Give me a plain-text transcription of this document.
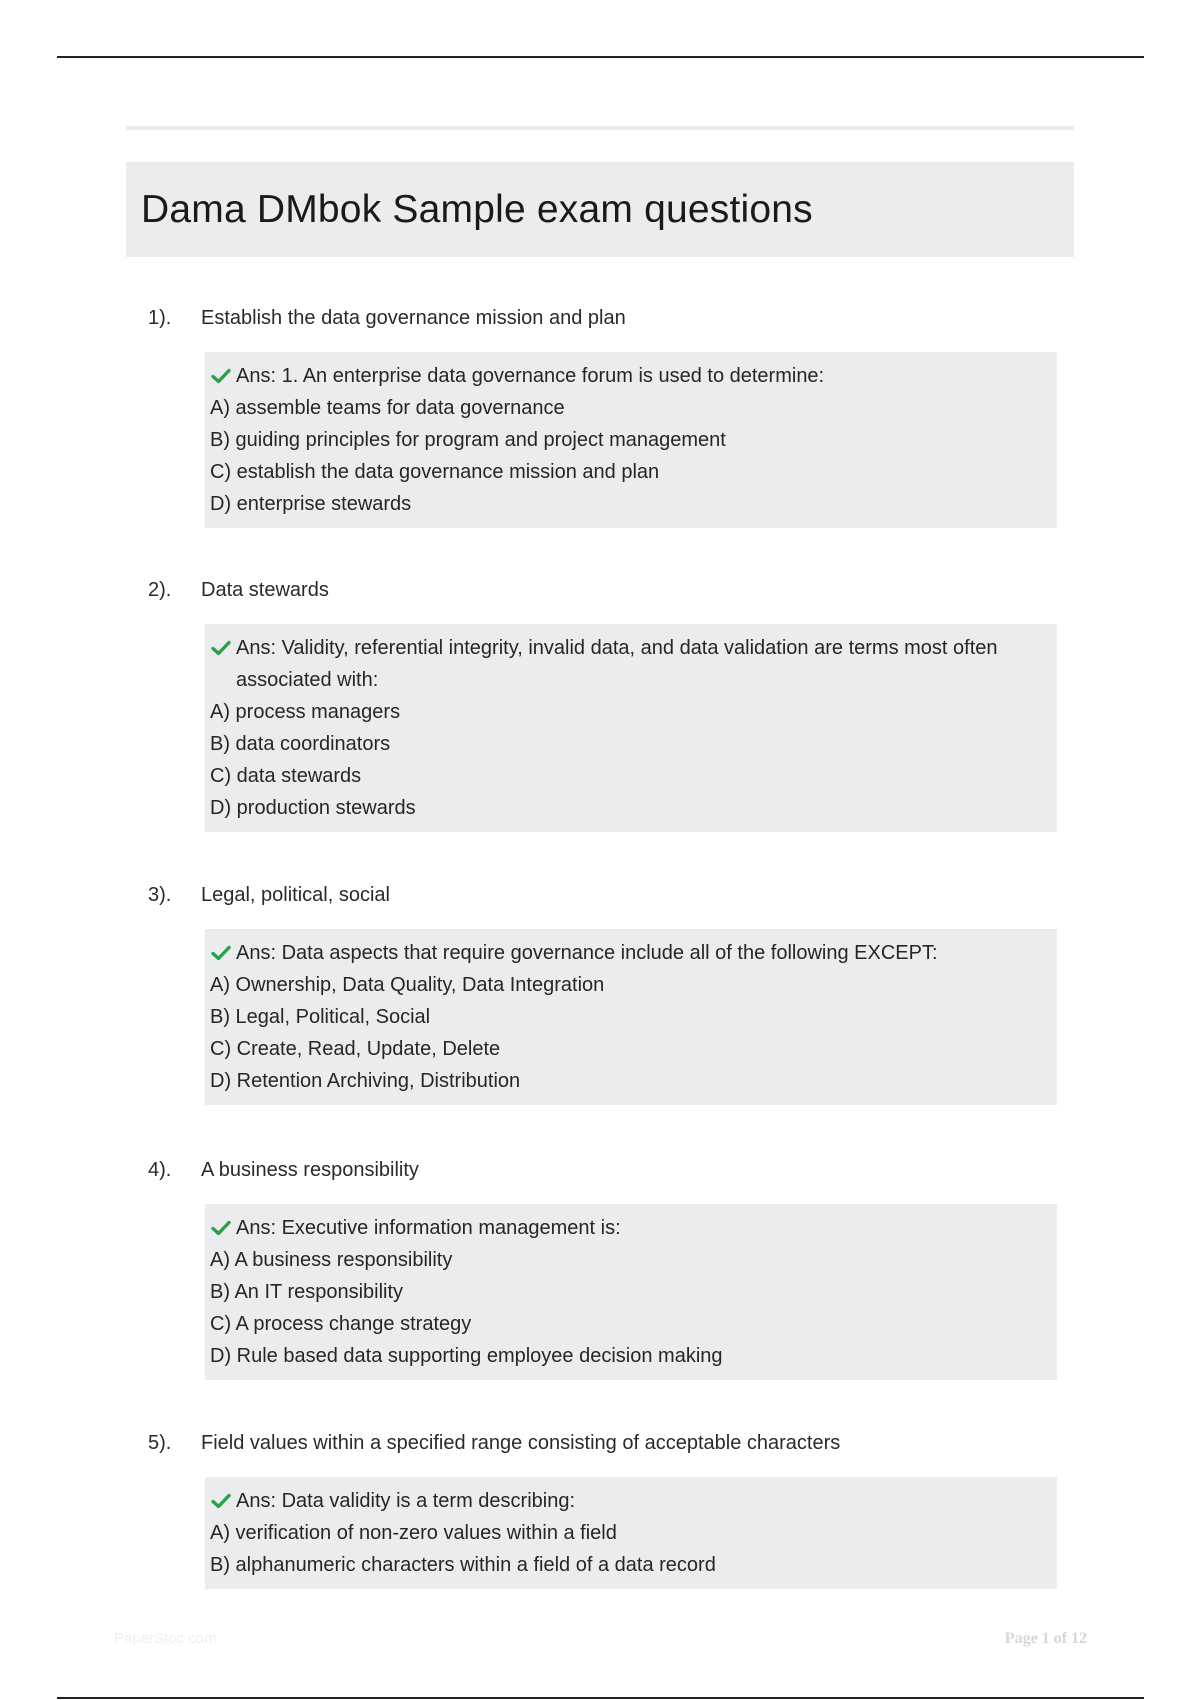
Dama DMbok Sample exam questions
1).	Establish the data governance mission and plan
Ans: 1. An enterprise data governance forum is used to determine:
A) assemble teams for data governance
B) guiding principles for program and project management
C) establish the data governance mission and plan
D) enterprise stewards
2).	Data stewards
Ans: Validity, referential integrity, invalid data, and data validation are terms most often associated with:
A) process managers
B) data coordinators
C) data stewards
D) production stewards
3).	Legal, political, social
Ans: Data aspects that require governance include all of the following EXCEPT:
A) Ownership, Data Quality, Data Integration
B) Legal, Political, Social
C) Create, Read, Update, Delete
D) Retention Archiving, Distribution
4).	A business responsibility
Ans: Executive information management is:
A) A business responsibility
B) An IT responsibility
C) A process change strategy
D) Rule based data supporting employee decision making
5).	Field values within a specified range consisting of acceptable characters
Ans: Data validity is a term describing:
A) verification of non-zero values within a field
B) alphanumeric characters within a field of a data record
PaperStoc.com	Page 1 of 12
